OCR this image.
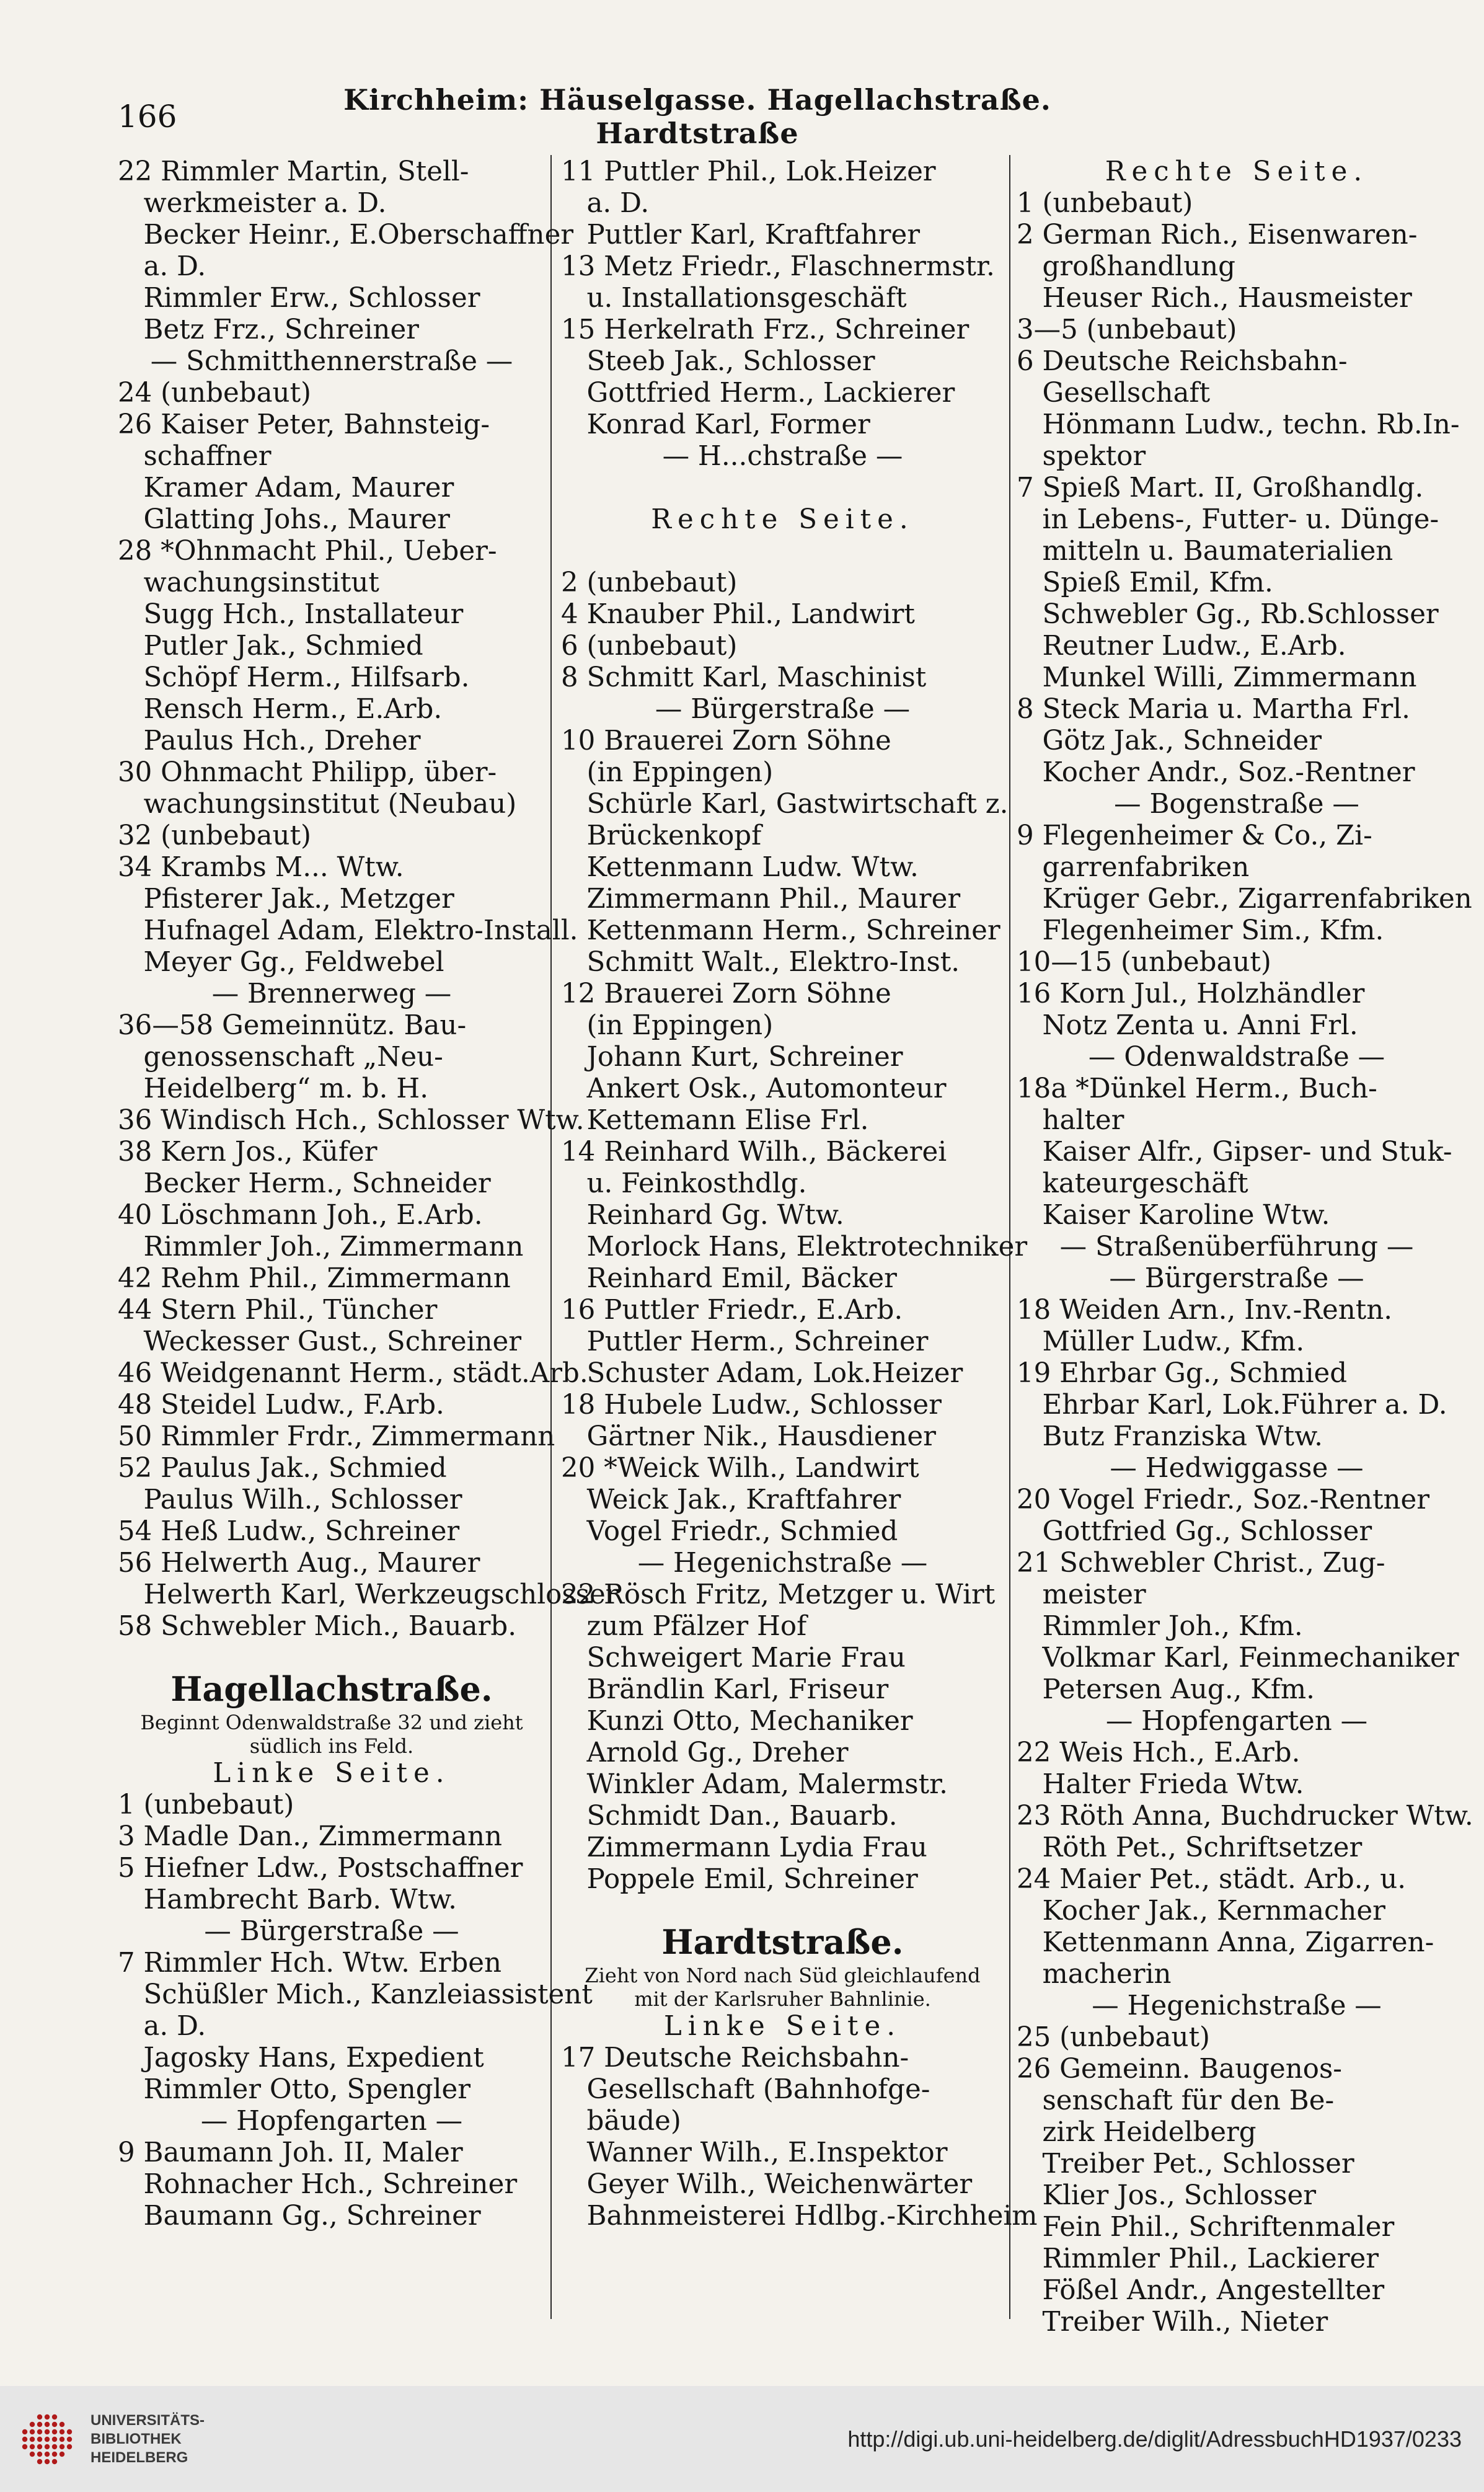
166	Kirchheim: Häuselgasse. Hagellachstraße. Hardtstraße
22 Rimmler Martin, Stell-
werkmeister a. D.
Becker Heinr., E.Oberschaffner
a. D.
Rimmler Erw., Schlosser
Betz Frz., Schreiner
— Schmitthennerstraße —
24 (unbebaut)
26 Kaiser Peter, Bahnsteig-
schaffner
Kramer Adam, Maurer
Glatting Johs., Maurer
28 *Ohnmacht Phil., Ueber-
wachungsinstitut
Sugg Hch., Installateur
Putler Jak., Schmied
Schöpf Herm., Hilfsarb.
Rensch Herm., E.Arb.
Paulus Hch., Dreher
30 Ohnmacht Philipp, über-
wachungsinstitut (Neubau)
32 (unbebaut)
34 Krambs M... Wtw.
Pfisterer Jak., Metzger
Hufnagel Adam, Elektro-Install.
Meyer Gg., Feldwebel
— Brennerweg —
36—58 Gemeinnütz. Bau-
genossenschaft „Neu-
Heidelberg“ m. b. H.
36 Windisch Hch., Schlosser Wtw.
38 Kern Jos., Küfer
Becker Herm., Schneider
40 Löschmann Joh., E.Arb.
Rimmler Joh., Zimmermann
42 Rehm Phil., Zimmermann
44 Stern Phil., Tüncher
Weckesser Gust., Schreiner
46 Weidgenannt Herm., städt.Arb.
48 Steidel Ludw., F.Arb.
50 Rimmler Frdr., Zimmermann
52 Paulus Jak., Schmied
Paulus Wilh., Schlosser
54 Heß Ludw., Schreiner
56 Helwerth Aug., Maurer
Helwerth Karl, Werkzeugschlosser
58 Schwebler Mich., Bauarb.
Hagellachstraße.
Beginnt Odenwaldstraße 32 und zieht
südlich ins Feld.
Linke Seite.
1 (unbebaut)
3 Madle Dan., Zimmermann
5 Hiefner Ldw., Postschaffner
Hambrecht Barb. Wtw.
— Bürgerstraße —
7 Rimmler Hch. Wtw. Erben
Schüßler Mich., Kanzleiassistent
a. D.
Jagosky Hans, Expedient
Rimmler Otto, Spengler
— Hopfengarten —
9 Baumann Joh. II, Maler
Rohnacher Hch., Schreiner
Baumann Gg., Schreiner
11 Puttler Phil., Lok.Heizer
a. D.
Puttler Karl, Kraftfahrer
13 Metz Friedr., Flaschnermstr.
u. Installationsgeschäft
15 Herkelrath Frz., Schreiner
Steeb Jak., Schlosser
Gottfried Herm., Lackierer
Konrad Karl, Former
— H...chstraße —
Rechte Seite.
2 (unbebaut)
4 Knauber Phil., Landwirt
6 (unbebaut)
8 Schmitt Karl, Maschinist
— Bürgerstraße —
10 Brauerei Zorn Söhne
(in Eppingen)
Schürle Karl, Gastwirtschaft z.
Brückenkopf
Kettenmann Ludw. Wtw.
Zimmermann Phil., Maurer
Kettenmann Herm., Schreiner
Schmitt Walt., Elektro-Inst.
12 Brauerei Zorn Söhne
(in Eppingen)
Johann Kurt, Schreiner
Ankert Osk., Automonteur
Kettemann Elise Frl.
14 Reinhard Wilh., Bäckerei
u. Feinkosthdlg.
Reinhard Gg. Wtw.
Morlock Hans, Elektrotechniker
Reinhard Emil, Bäcker
16 Puttler Friedr., E.Arb.
Puttler Herm., Schreiner
Schuster Adam, Lok.Heizer
18 Hubele Ludw., Schlosser
Gärtner Nik., Hausdiener
20 *Weick Wilh., Landwirt
Weick Jak., Kraftfahrer
Vogel Friedr., Schmied
— Hegenichstraße —
22 Rösch Fritz, Metzger u. Wirt
zum Pfälzer Hof
Schweigert Marie Frau
Brändlin Karl, Friseur
Kunzi Otto, Mechaniker
Arnold Gg., Dreher
Winkler Adam, Malermstr.
Schmidt Dan., Bauarb.
Zimmermann Lydia Frau
Poppele Emil, Schreiner
Hardtstraße.
Zieht von Nord nach Süd gleichlaufend
mit der Karlsruher Bahnlinie.
Linke Seite.
17 Deutsche Reichsbahn-
Gesellschaft (Bahnhofge-
bäude)
Wanner Wilh., E.Inspektor
Geyer Wilh., Weichenwärter
Bahnmeisterei Hdlbg.-Kirchheim
Rechte Seite.
1 (unbebaut)
2 German Rich., Eisenwaren-
großhandlung
Heuser Rich., Hausmeister
3—5 (unbebaut)
6 Deutsche Reichsbahn-
Gesellschaft
Hönmann Ludw., techn. Rb.In-
spektor
7 Spieß Mart. II, Großhandlg.
in Lebens-, Futter- u. Dünge-
mitteln u. Baumaterialien
Spieß Emil, Kfm.
Schwebler Gg., Rb.Schlosser
Reutner Ludw., E.Arb.
Munkel Willi, Zimmermann
8 Steck Maria u. Martha Frl.
Götz Jak., Schneider
Kocher Andr., Soz.-Rentner
— Bogenstraße —
9 Flegenheimer & Co., Zi-
garrenfabriken
Krüger Gebr., Zigarrenfabriken
Flegenheimer Sim., Kfm.
10—15 (unbebaut)
16 Korn Jul., Holzhändler
Notz Zenta u. Anni Frl.
— Odenwaldstraße —
18a *Dünkel Herm., Buch-
halter
Kaiser Alfr., Gipser- und Stuk-
kateurgeschäft
Kaiser Karoline Wtw.
— Straßenüberführung —
— Bürgerstraße —
18 Weiden Arn., Inv.-Rentn.
Müller Ludw., Kfm.
19 Ehrbar Gg., Schmied
Ehrbar Karl, Lok.Führer a. D.
Butz Franziska Wtw.
— Hedwiggasse —
20 Vogel Friedr., Soz.-Rentner
Gottfried Gg., Schlosser
21 Schwebler Christ., Zug-
meister
Rimmler Joh., Kfm.
Volkmar Karl, Feinmechaniker
Petersen Aug., Kfm.
— Hopfengarten —
22 Weis Hch., E.Arb.
Halter Frieda Wtw.
23 Röth Anna, Buchdrucker Wtw.
Röth Pet., Schriftsetzer
24 Maier Pet., städt. Arb., u.
Kocher Jak., Kernmacher
Kettenmann Anna, Zigarren-
macherin
— Hegenichstraße —
25 (unbebaut)
26 Gemeinn. Baugenos-
senschaft für den Be-
zirk Heidelberg
Treiber Pet., Schlosser
Klier Jos., Schlosser
Fein Phil., Schriftenmaler
Rimmler Phil., Lackierer
Fößel Andr., Angestellter
Treiber Wilh., Nieter
UNIVERSITÄTS-
BIBLIOTHEK
HEIDELBERG
http://digi.ub.uni-heidelberg.de/diglit/AdressbuchHD1937/0233
